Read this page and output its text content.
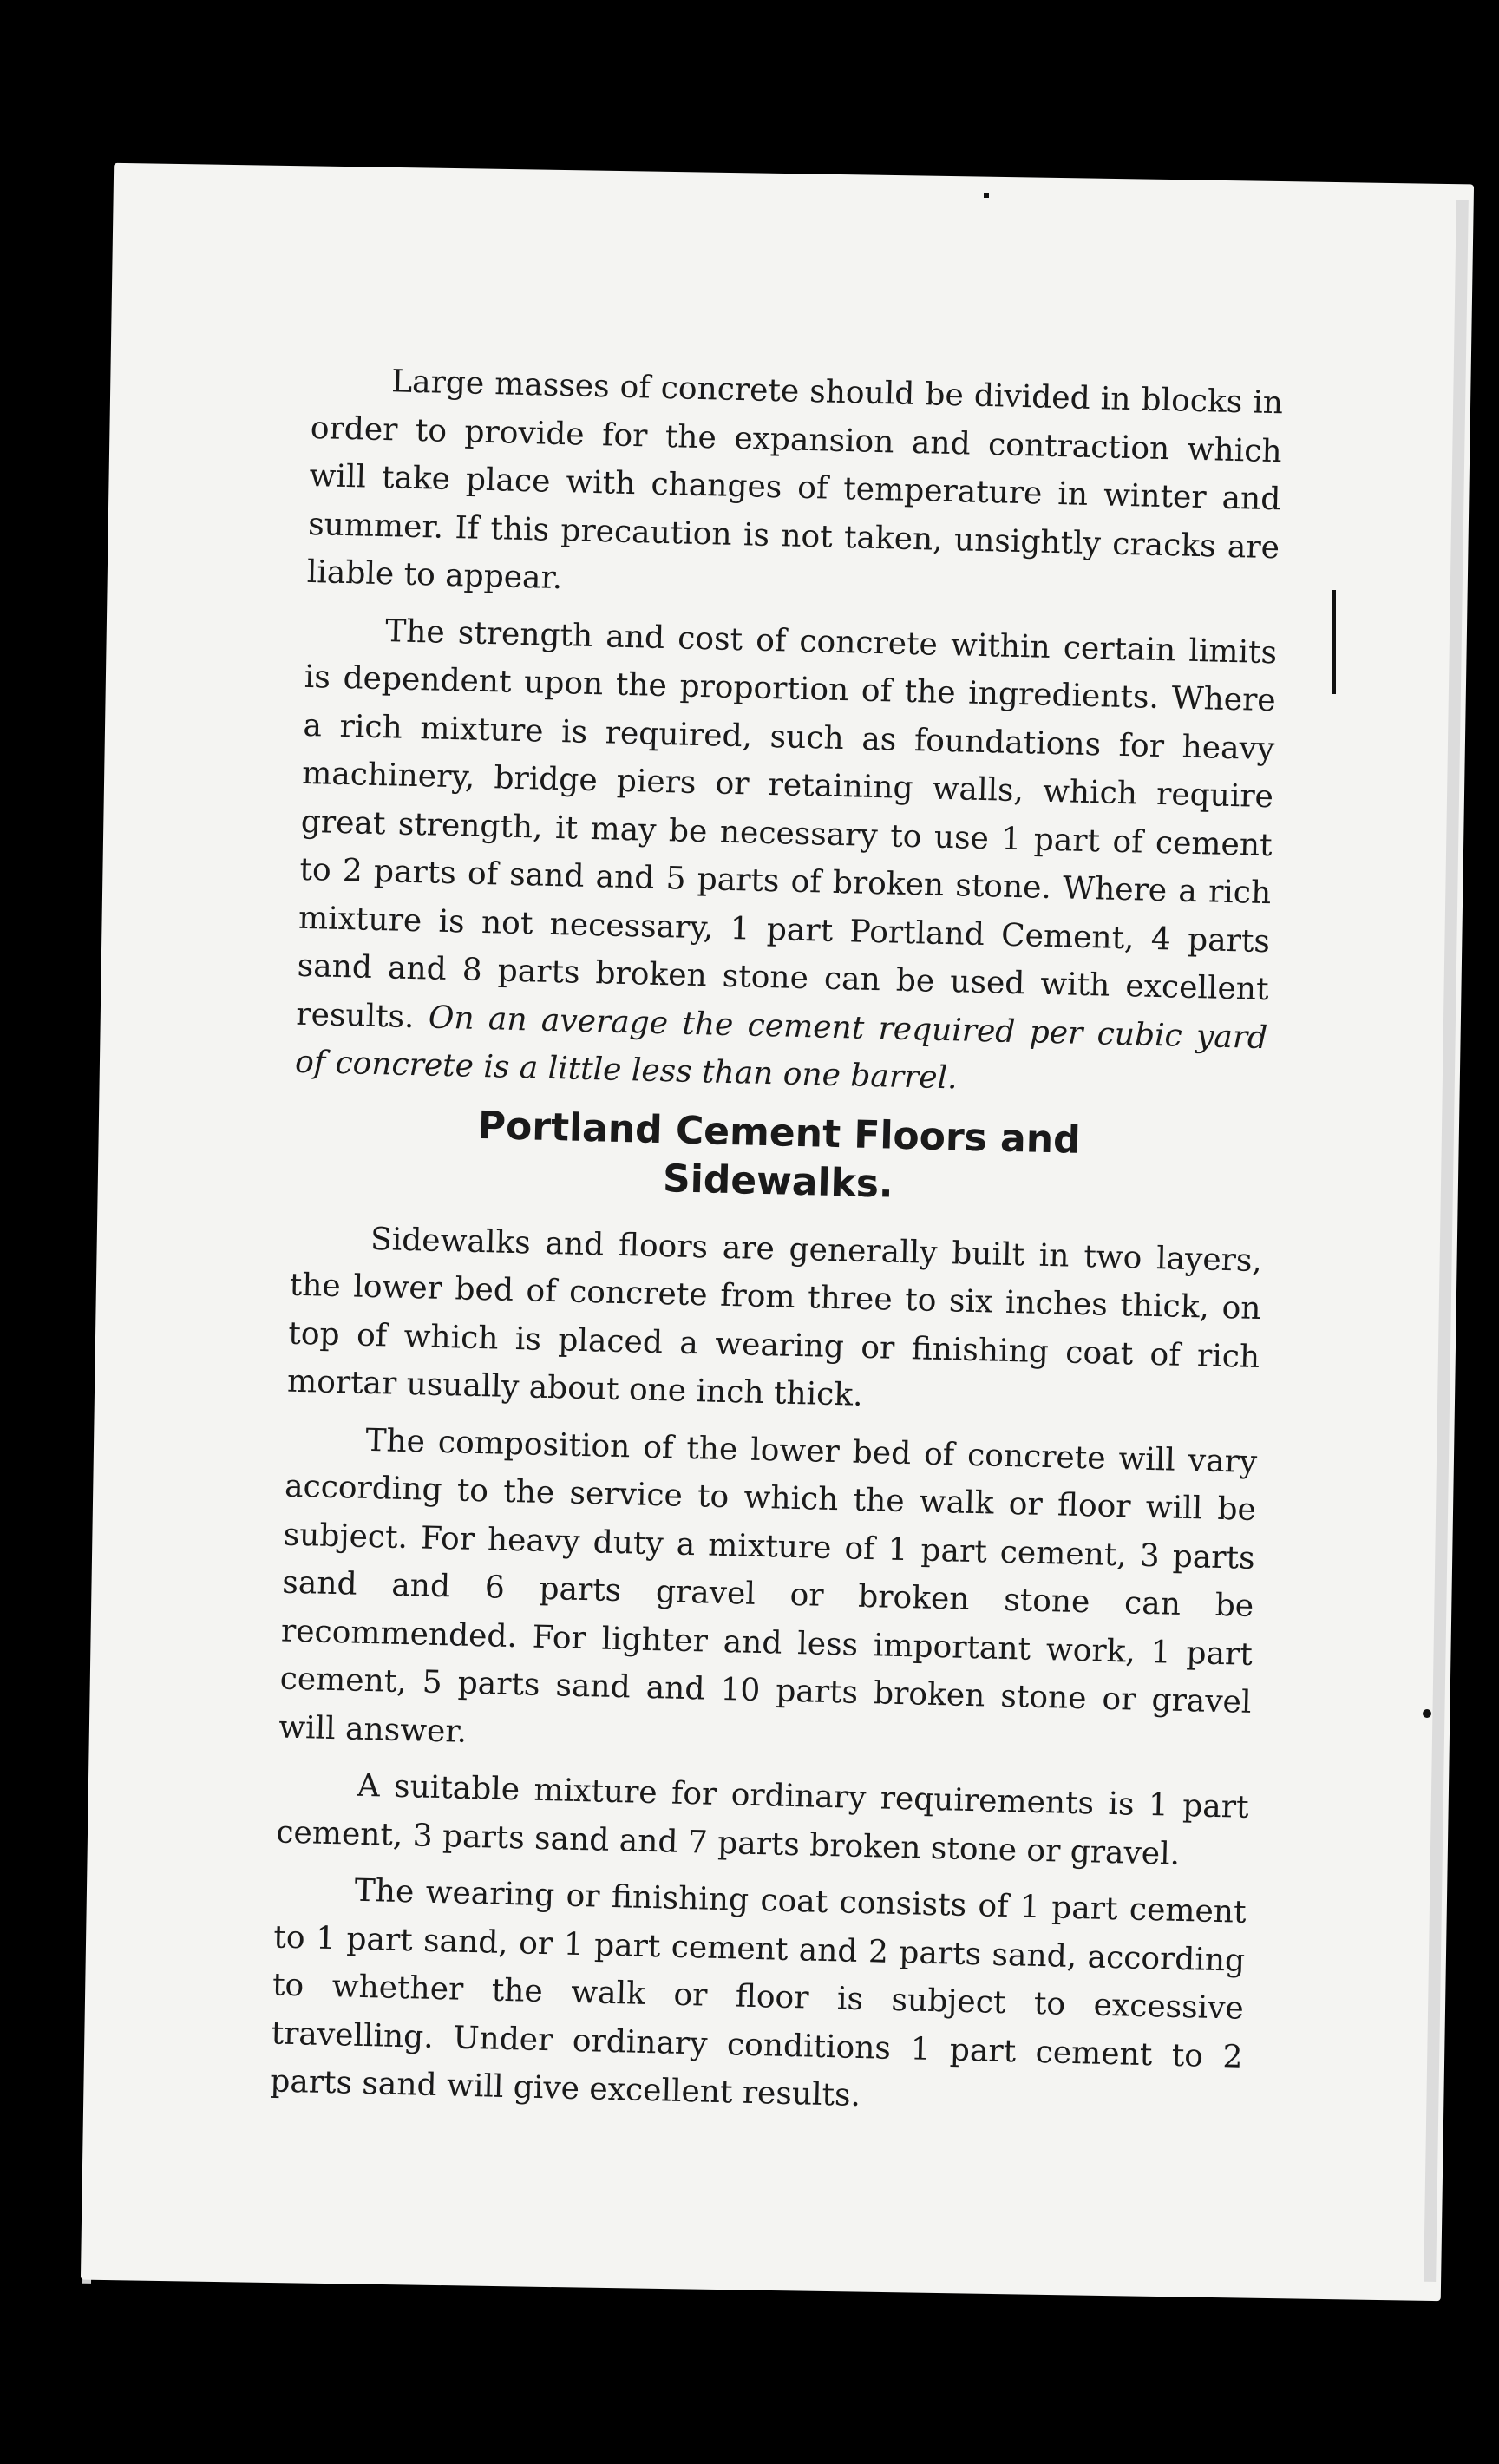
Large masses of concrete should be divided in blocks in order to provide for the expansion and contraction which will take place with changes of temperature in winter and summer. If this precaution is not taken, unsightly cracks are liable to appear.

The strength and cost of concrete within certain limits is dependent upon the proportion of the ingredients. Where a rich mixture is required, such as foundations for heavy machinery, bridge piers or retaining walls, which require great strength, it may be necessary to use 1 part of cement to 2 parts of sand and 5 parts of broken stone. Where a rich mixture is not necessary, 1 part Portland Cement, 4 parts sand and 8 parts broken stone can be used with excellent results. On an average the cement required per cubic yard of concrete is a little less than one barrel.

Portland Cement Floors and
Sidewalks.

Sidewalks and floors are generally built in two layers, the lower bed of concrete from three to six inches thick, on top of which is placed a wearing or finishing coat of rich mortar usually about one inch thick.

The composition of the lower bed of concrete will vary according to the service to which the walk or floor will be subject. For heavy duty a mixture of 1 part cement, 3 parts sand and 6 parts gravel or broken stone can be recommended. For lighter and less important work, 1 part cement, 5 parts sand and 10 parts broken stone or gravel will answer.

A suitable mixture for ordinary requirements is 1 part cement, 3 parts sand and 7 parts broken stone or gravel.

The wearing or finishing coat consists of 1 part cement to 1 part sand, or 1 part cement and 2 parts sand, according to whether the walk or floor is subject to excessive travelling. Under ordinary conditions 1 part cement to 2 parts sand will give excellent results.
